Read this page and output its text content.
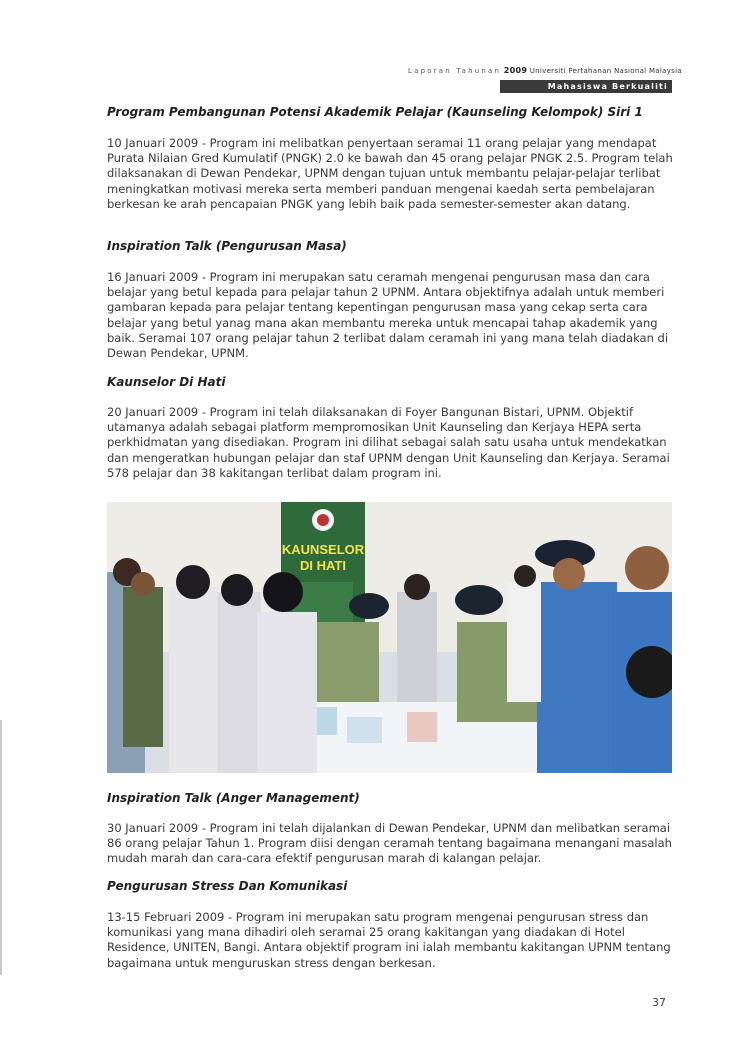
Laporan Tahunan 2009 Universiti Pertahanan Nasional Malaysia
Mahasiswa Berkualiti

Program Pembangunan Potensi Akademik Pelajar (Kaunseling Kelompok) Siri 1

10 Januari 2009 - Program ini melibatkan penyertaan seramai 11 orang pelajar yang mendapat Purata Nilaian Gred Kumulatif (PNGK) 2.0 ke bawah dan 45 orang pelajar PNGK 2.5. Program telah dilaksanakan di Dewan Pendekar, UPNM dengan tujuan untuk membantu pelajar-pelajar terlibat meningkatkan motivasi mereka serta memberi panduan mengenai kaedah serta pembelajaran berkesan ke arah pencapaian PNGK yang lebih baik pada semester-semester akan datang.

Inspiration Talk (Pengurusan Masa)

16 Januari 2009 - Program ini merupakan satu ceramah mengenai pengurusan masa dan cara belajar yang betul kepada para pelajar tahun 2 UPNM. Antara objektifnya adalah untuk memberi gambaran kepada para pelajar tentang kepentingan pengurusan masa yang cekap serta cara belajar yang betul yanag mana akan membantu mereka untuk mencapai tahap akademik yang baik. Seramai 107 orang pelajar tahun 2 terlibat dalam ceramah ini yang mana telah diadakan di Dewan Pendekar, UPNM.

Kaunselor Di Hati

20 Januari 2009 - Program ini telah dilaksanakan di Foyer Bangunan Bistari, UPNM. Objektif utamanya adalah sebagai platform mempromosikan Unit Kaunseling dan Kerjaya HEPA serta perkhidmatan yang disediakan. Program ini dilihat sebagai salah satu usaha untuk mendekatkan dan mengeratkan hubungan pelajar dan staf UPNM dengan Unit Kaunseling dan Kerjaya. Seramai 578 pelajar dan 38 kakitangan terlibat dalam program ini.

KAUNSELOR
DI HATI

Inspiration Talk (Anger Management)

30 Januari 2009 - Program ini telah dijalankan di Dewan Pendekar, UPNM dan melibatkan seramai 86 orang pelajar Tahun 1. Program diisi dengan ceramah tentang bagaimana menangani masalah mudah marah dan cara-cara efektif pengurusan marah di kalangan pelajar.

Pengurusan Stress Dan Komunikasi

13-15 Februari 2009 - Program ini merupakan satu program mengenai pengurusan stress dan komunikasi yang mana dihadiri oleh seramai 25 orang kakitangan yang diadakan di Hotel Residence, UNITEN, Bangi. Antara objektif program ini ialah membantu kakitangan UPNM tentang bagaimana untuk menguruskan stress dengan berkesan.

37
